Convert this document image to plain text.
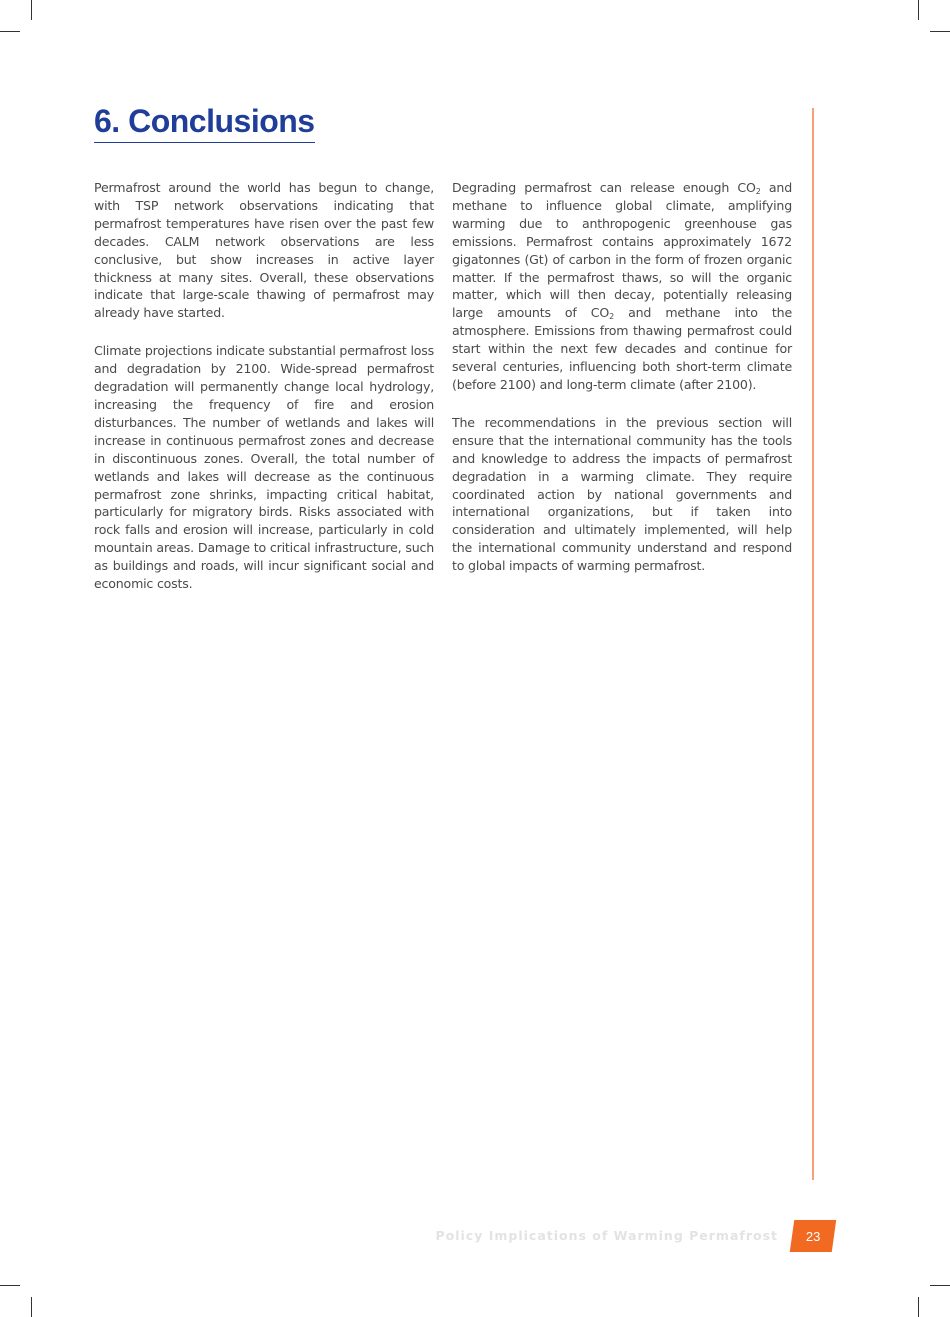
6. Conclusions

Permafrost around the world has begun to change, with TSP network observations indicating that permafrost temperatures have risen over the past few decades. CALM network observations are less conclusive, but show increases in active layer thickness at many sites. Overall, these observations indicate that large-scale thawing of permafrost may already have started.

Climate projections indicate substantial permafrost loss and degradation by 2100. Wide-spread permafrost degradation will permanently change local hydrology, increasing the frequency of fire and erosion disturbances. The number of wetlands and lakes will increase in continuous permafrost zones and decrease in discontinuous zones. Overall, the total number of wetlands and lakes will decrease as the continuous permafrost zone shrinks, impacting critical habitat, particularly for migratory birds. Risks associated with rock falls and erosion will increase, particularly in cold mountain areas. Damage to critical infrastructure, such as buildings and roads, will incur significant social and economic costs.

Degrading permafrost can release enough $CO_2$ and methane to influence global climate, amplifying warming due to anthropogenic greenhouse gas emissions. Permafrost contains approximately 1672 gigatonnes (Gt) of carbon in the form of frozen organic matter. If the permafrost thaws, so will the organic matter, which will then decay, potentially releasing large amounts of $CO_2$ and methane into the atmosphere. Emissions from thawing permafrost could start within the next few decades and continue for several centuries, influencing both short-term climate (before 2100) and long-term climate (after 2100).

The recommendations in the previous section will ensure that the international community has the tools and knowledge to address the impacts of permafrost degradation in a warming climate. They require coordinated action by national governments and international organizations, but if taken into consideration and ultimately implemented, will help the international community understand and respond to global impacts of warming permafrost.

Policy Implications of Warming Permafrost 23
